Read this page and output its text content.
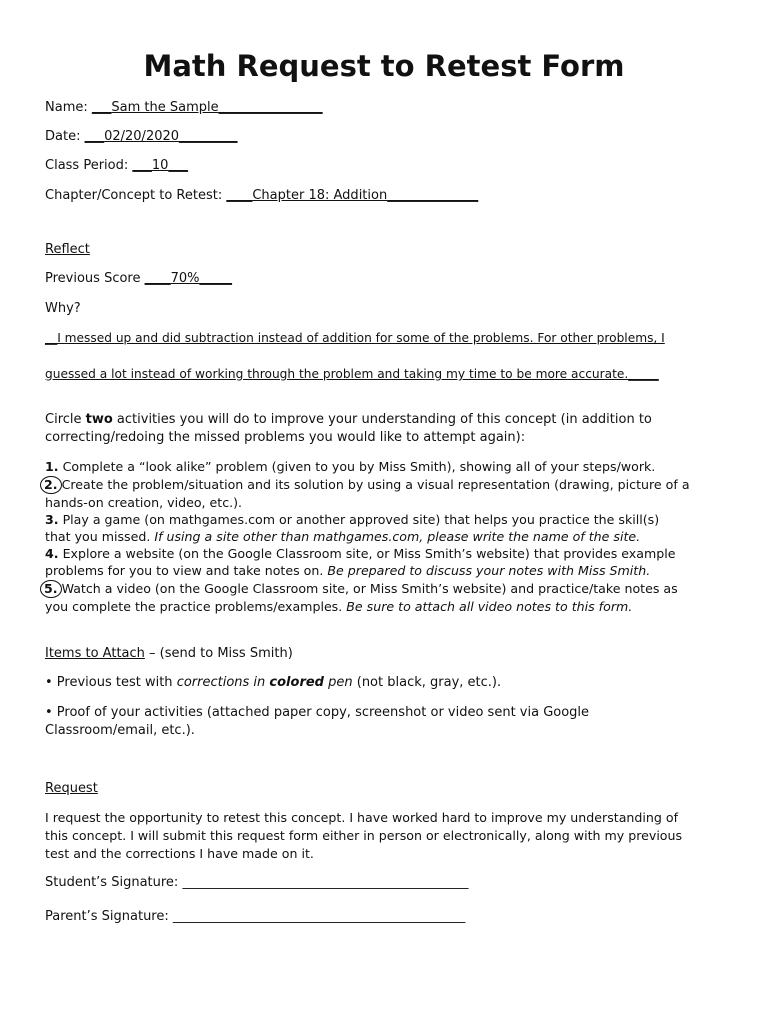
Math Request to Retest Form
Name: ___Sam the Sample________________
Date: ___02/20/2020_________
Class Period: ___10___
Chapter/Concept to Retest: ____Chapter 18: Addition______________
Reflect
Previous Score ____70%_____
Why?
__I messed up and did subtraction instead of addition for some of the problems. For other problems, I
guessed a lot instead of working through the problem and taking my time to be more accurate._____
Circle two activities you will do to improve your understanding of this concept (in addition to
correcting/redoing the missed problems you would like to attempt again):
1. Complete a “look alike” problem (given to you by Miss Smith), showing all of your steps/work.
2. Create the problem/situation and its solution by using a visual representation (drawing, picture of a
hands-on creation, video, etc.).
3. Play a game (on mathgames.com or another approved site) that helps you practice the skill(s)
that you missed. If using a site other than mathgames.com, please write the name of the site.
4. Explore a website (on the Google Classroom site, or Miss Smith’s website) that provides example
problems for you to view and take notes on. Be prepared to discuss your notes with Miss Smith.
5. Watch a video (on the Google Classroom site, or Miss Smith’s website) and practice/take notes as
you complete the practice problems/examples. Be sure to attach all video notes to this form.
Items to Attach – (send to Miss Smith)
• Previous test with corrections in colored pen (not black, gray, etc.).
• Proof of your activities (attached paper copy, screenshot or video sent via Google
Classroom/email, etc.).
Request
I request the opportunity to retest this concept. I have worked hard to improve my understanding of
this concept. I will submit this request form either in person or electronically, along with my previous
test and the corrections I have made on it.
Student’s Signature: ____________________________________________
Parent’s Signature: _____________________________________________
